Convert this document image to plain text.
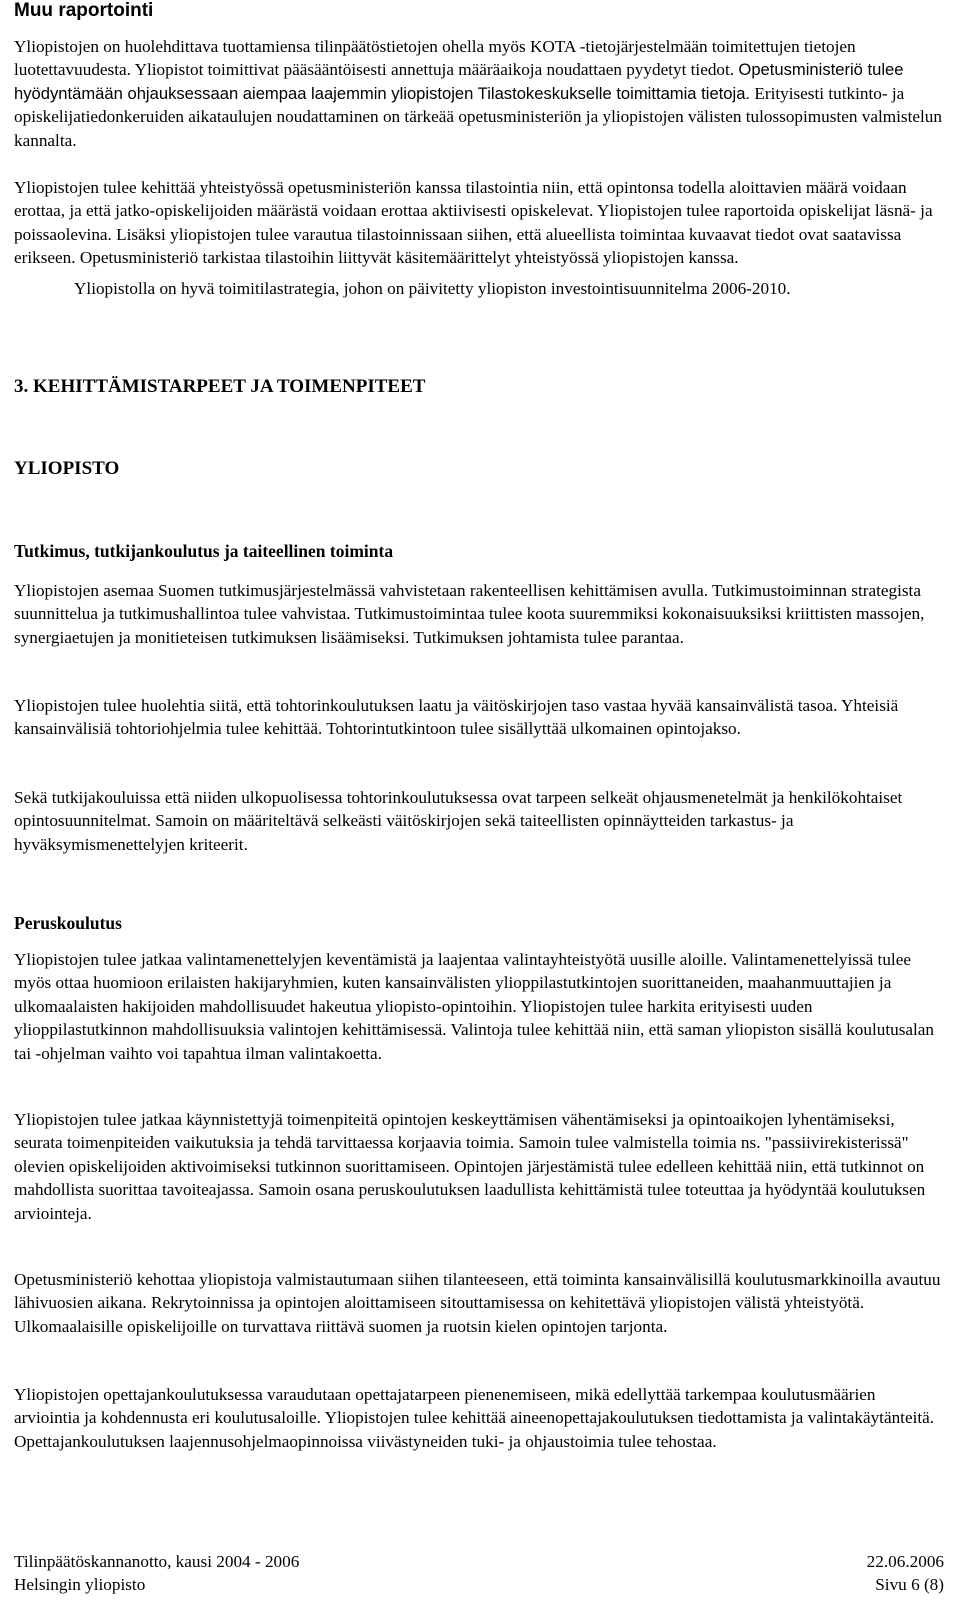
Muu raportointi

Yliopistojen on huolehdittava tuottamiensa tilinpäätöstietojen ohella myös KOTA -tietojärjestelmään toimitettujen tietojen luotettavuudesta. Yliopistot toimittivat pääsääntöisesti annettuja määräaikoja noudattaen pyydetyt tiedot. Opetusministeriö tulee hyödyntämään ohjauksessaan aiempaa laajemmin yliopistojen Tilastokeskukselle toimittamia tietoja. Erityisesti tutkinto- ja opiskelijatiedonkeruiden aikataulujen noudattaminen on tärkeää opetusministeriön ja yliopistojen välisten tulossopimusten valmistelun kannalta.

Yliopistojen tulee kehittää yhteistyössä opetusministeriön kanssa tilastointia niin, että opintonsa todella aloittavien määrä voidaan erottaa, ja että jatko-opiskelijoiden määrästä voidaan erottaa aktiivisesti opiskelevat. Yliopistojen tulee raportoida opiskelijat läsnä- ja poissaolevina. Lisäksi yliopistojen tulee varautua tilastoinnissaan siihen, että alueellista toimintaa kuvaavat tiedot ovat saatavissa erikseen. Opetusministeriö tarkistaa tilastoihin liittyvät käsitemäärittelyt yhteistyössä yliopistojen kanssa.

Yliopistolla on hyvä toimitilastrategia, johon on päivitetty yliopiston investointisuunnitelma 2006-2010.

3. KEHITTÄMISTARPEET JA TOIMENPITEET
YLIOPISTO
Tutkimus, tutkijankoulutus ja taiteellinen toiminta

Yliopistojen asemaa Suomen tutkimusjärjestelmässä vahvistetaan rakenteellisen kehittämisen avulla. Tutkimustoiminnan strategista suunnittelua ja tutkimushallintoa tulee vahvistaa. Tutkimustoimintaa tulee koota suuremmiksi kokonaisuuksiksi kriittisten massojen, synergiaetujen ja monitieteisen tutkimuksen lisäämiseksi. Tutkimuksen johtamista tulee parantaa.

Yliopistojen tulee huolehtia siitä, että tohtorinkoulutuksen laatu ja väitöskirjojen taso vastaa hyvää kansainvälistä tasoa. Yhteisiä kansainvälisiä tohtoriohjelmia tulee kehittää. Tohtorintutkintoon tulee sisällyttää ulkomainen opintojakso.

Sekä tutkijakouluissa että niiden ulkopuolisessa tohtorinkoulutuksessa ovat tarpeen selkeät ohjausmenetelmät ja henkilökohtaiset opintosuunnitelmat. Samoin on määriteltävä selkeästi väitöskirjojen sekä taiteellisten opinnäytteiden tarkastus- ja hyväksymismenettelyjen kriteerit.

Peruskoulutus

Yliopistojen tulee jatkaa valintamenettelyjen keventämistä ja laajentaa valintayhteistyötä uusille aloille. Valintamenettelyissä tulee myös ottaa huomioon erilaisten hakijaryhmien, kuten kansainvälisten ylioppilastutkintojen suorittaneiden, maahanmuuttajien ja ulkomaalaisten hakijoiden mahdollisuudet hakeutua yliopisto-opintoihin. Yliopistojen tulee harkita erityisesti uuden ylioppilastutkinnon mahdollisuuksia valintojen kehittämisessä. Valintoja tulee kehittää niin, että saman yliopiston sisällä koulutusalan tai -ohjelman vaihto voi tapahtua ilman valintakoetta.

Yliopistojen tulee jatkaa käynnistettyjä toimenpiteitä opintojen keskeyttämisen vähentämiseksi ja opintoaikojen lyhentämiseksi, seurata toimenpiteiden vaikutuksia ja tehdä tarvittaessa korjaavia toimia. Samoin tulee valmistella toimia ns. "passiivirekisterissä" olevien opiskelijoiden aktivoimiseksi tutkinnon suorittamiseen. Opintojen järjestämistä tulee edelleen kehittää niin, että tutkinnot on mahdollista suorittaa tavoiteajassa. Samoin osana peruskoulutuksen laadullista kehittämistä tulee toteuttaa ja hyödyntää koulutuksen arviointeja.

Opetusministeriö kehottaa yliopistoja valmistautumaan siihen tilanteeseen, että toiminta kansainvälisillä koulutusmarkkinoilla avautuu lähivuosien aikana. Rekrytoinnissa ja opintojen aloittamiseen sitouttamisessa on kehitettävä yliopistojen välistä yhteistyötä. Ulkomaalaisille opiskelijoille on turvattava riittävä suomen ja ruotsin kielen opintojen tarjonta.

Yliopistojen opettajankoulutuksessa varaudutaan opettajatarpeen pienenemiseen, mikä edellyttää tarkempaa koulutusmäärien arviointia ja kohdennusta eri koulutusaloille. Yliopistojen tulee kehittää aineenopettajakoulutuksen tiedottamista ja valintakäytänteitä. Opettajankoulutuksen laajennusohjelmaopinnoissa viivästyneiden tuki- ja ohjaustoimia tulee tehostaa.

Tilinpäätöskannanotto, kausi 2004 - 2006	22.06.2006
Helsingin yliopisto	Sivu 6 (8)
